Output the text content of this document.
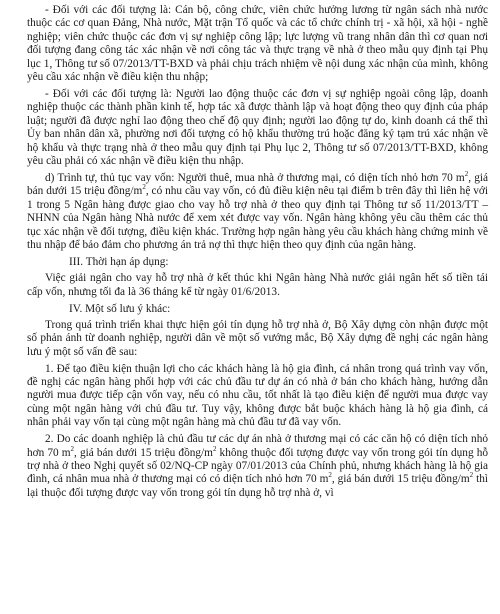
- Đối với các đối tượng là: Cán bộ, công chức, viên chức hưởng lương từ ngân sách nhà nước thuộc các cơ quan Đảng, Nhà nước, Mặt trận Tổ quốc và các tổ chức chính trị - xã hội, xã hội - nghề nghiệp; viên chức thuộc các đơn vị sự nghiệp công lập; lực lượng vũ trang nhân dân thì cơ quan nơi đối tượng đang công tác xác nhận về nơi công tác và thực trạng về nhà ở theo mẫu quy định tại Phụ lục 1, Thông tư số 07/2013/TT-BXD và phải chịu trách nhiệm về nội dung xác nhận của mình, không yêu cầu xác nhận về điều kiện thu nhập;

- Đối với các đối tượng là: Người lao động thuộc các đơn vị sự nghiệp ngoài công lập, doanh nghiệp thuộc các thành phần kinh tế, hợp tác xã được thành lập và hoạt động theo quy định của pháp luật; người đã được nghỉ lao động theo chế độ quy định; người lao động tự do, kinh doanh cá thể thì Ủy ban nhân dân xã, phường nơi đối tượng có hộ khẩu thường trú hoặc đăng ký tạm trú xác nhận về hộ khẩu và thực trạng nhà ở theo mẫu quy định tại Phụ lục 2, Thông tư số 07/2013/TT-BXD, không yêu cầu phải có xác nhận về điều kiện thu nhập.

d) Trình tự, thủ tục vay vốn: Người thuê, mua nhà ở thương mại, có diện tích nhỏ hơn 70 $m^2$, giá bán dưới 15 triệu đồng/$m^2$, có nhu cầu vay vốn, có đủ điều kiện nêu tại điểm b trên đây thì liên hệ với 1 trong 5 Ngân hàng được giao cho vay hỗ trợ nhà ở theo quy định tại Thông tư số 11/2013/TT – NHNN của Ngân hàng Nhà nước để xem xét được vay vốn. Ngân hàng không yêu cầu thêm các thủ tục xác nhận về đối tượng, điều kiện khác. Trường hợp ngân hàng yêu cầu khách hàng chứng minh về thu nhập để bảo đảm cho phương án trả nợ thì thực hiện theo quy định của ngân hàng.

III. Thời hạn áp dụng:

Việc giải ngân cho vay hỗ trợ nhà ở kết thúc khi Ngân hàng Nhà nước giải ngân hết số tiền tái cấp vốn, nhưng tối đa là 36 tháng kể từ ngày 01/6/2013.

IV. Một số lưu ý khác:

Trong quá trình triển khai thực hiện gói tín dụng hỗ trợ nhà ở, Bộ Xây dựng còn nhận được một số phản ánh từ doanh nghiệp, người dân về một số vướng mắc, Bộ Xây dựng đề nghị các ngân hàng lưu ý một số vấn đề sau:

1. Để tạo điều kiện thuận lợi cho các khách hàng là hộ gia đình, cá nhân trong quá trình vay vốn, đề nghị các ngân hàng phối hợp với các chủ đầu tư dự án có nhà ở bán cho khách hàng, hướng dẫn người mua được tiếp cận vốn vay, nếu có nhu cầu, tốt nhất là tạo điều kiện để người mua được vay cùng một ngân hàng với chủ đầu tư. Tuy vậy, không được bắt buộc khách hàng là hộ gia đình, cá nhân phải vay vốn tại cùng một ngân hàng mà chủ đầu tư đã vay vốn.

2. Do các doanh nghiệp là chủ đầu tư các dự án nhà ở thương mại có các căn hộ có diện tích nhỏ hơn 70 $m^2$, giá bán dưới 15 triệu đồng/$m^2$ không thuộc đối tượng được vay vốn trong gói tín dụng hỗ trợ nhà ở theo Nghị quyết số 02/NQ-CP ngày 07/01/2013 của Chính phủ, nhưng khách hàng là hộ gia đình, cá nhân mua nhà ở thương mại có có diện tích nhỏ hơn 70 $m^2$, giá bán dưới 15 triệu đồng/$m^2$ thì lại thuộc đối tượng được vay vốn trong gói tín dụng hỗ trợ nhà ở, vì
